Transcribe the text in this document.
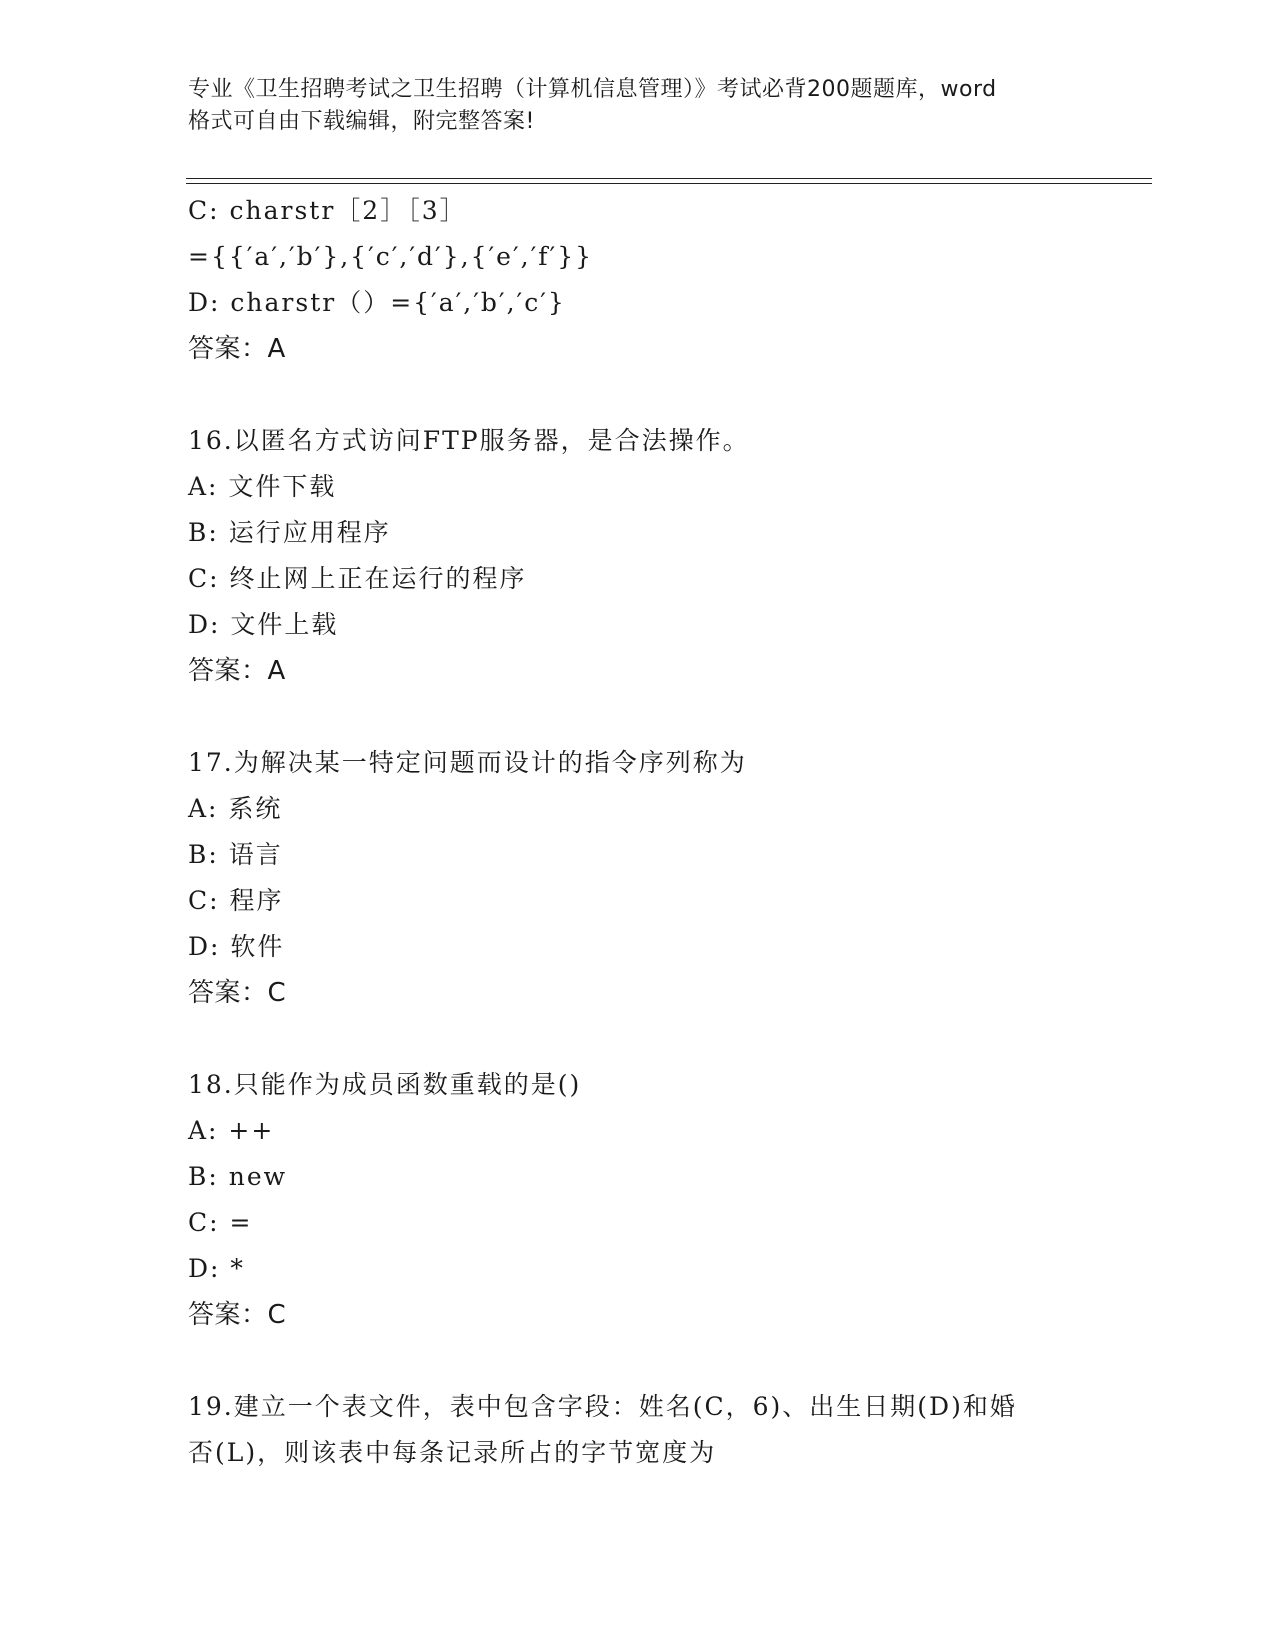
专业《卫生招聘考试之卫生招聘（计算机信息管理）》考试必背200题题库，word
格式可自由下载编辑，附完整答案!
C: charstr［2］［3］
={{′a′,′b′},{′c′,′d′},{′e′,′f′}}
D: charstr（）={′a′,′b′,′c′}
答案：A
16.以匿名方式访问FTP服务器，是合法操作。
A: 文件下载
B: 运行应用程序
C: 终止网上正在运行的程序
D: 文件上载
答案：A
17.为解决某一特定问题而设计的指令序列称为
A: 系统
B: 语言
C: 程序
D: 软件
答案：C
18.只能作为成员函数重载的是()
A: ++
B: new
C: =
D: *
答案：C
19.建立一个表文件，表中包含字段：姓名(C，6)、出生日期(D)和婚
否(L)，则该表中每条记录所占的字节宽度为
